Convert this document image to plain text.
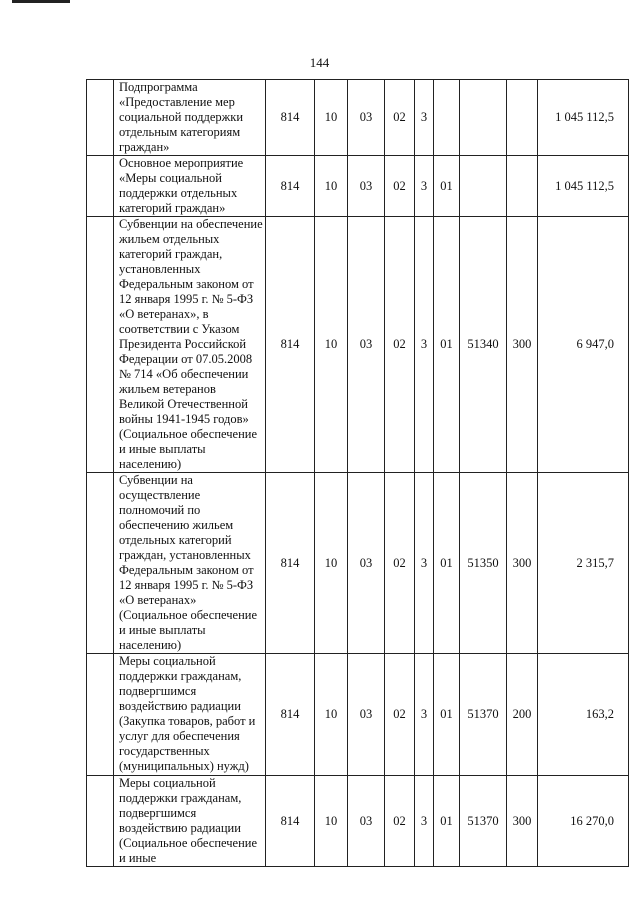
144
	Подпрограмма «Предоставление мер социальной поддержки отдельным категориям граждан»	814	10	03	02	3				1 045 112,5
	Основное мероприятие «Меры социальной поддержки отдельных категорий граждан»	814	10	03	02	3	01			1 045 112,5
	Субвенции на обеспечение жильем отдельных категорий граждан, установленных Федеральным законом от 12 января 1995 г. № 5-ФЗ «О ветеранах», в соответствии с Указом Президента Российской Федерации от 07.05.2008 № 714 «Об обеспечении жильем ветеранов Великой Отечественной войны 1941-1945 годов» (Социальное обеспечение и иные выплаты населению)	814	10	03	02	3	01	51340	300	6 947,0
	Субвенции на осуществление полномочий по обеспечению жильем отдельных категорий граждан, установленных Федеральным законом от 12 января 1995 г. № 5-ФЗ «О ветеранах» (Социальное обеспечение и иные выплаты населению)	814	10	03	02	3	01	51350	300	2 315,7
	Меры социальной поддержки гражданам, подвергшимся воздействию радиации (Закупка товаров, работ и услуг для обеспечения государственных (муниципальных) нужд)	814	10	03	02	3	01	51370	200	163,2
	Меры социальной поддержки гражданам, подвергшимся воздействию радиации (Социальное обеспечение и иные	814	10	03	02	3	01	51370	300	16 270,0
